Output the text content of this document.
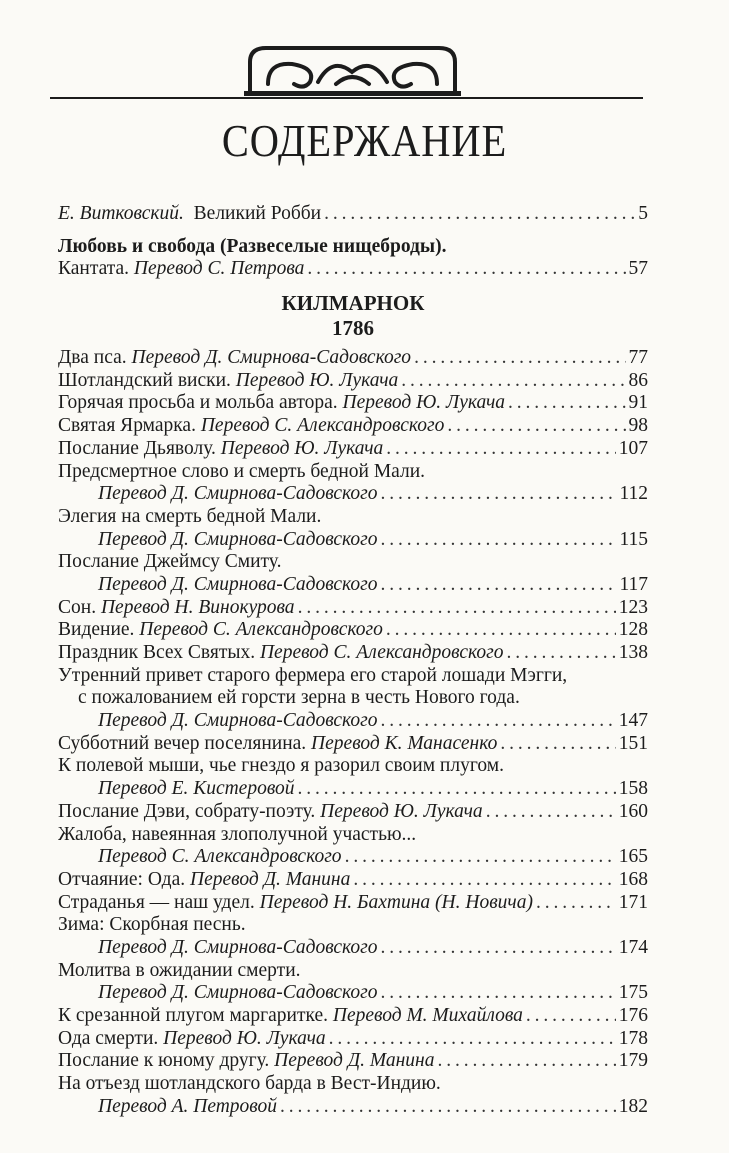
СОДЕРЖАНИЕ
Е. Витковский. Великий Робби . . .	5
Любовь и свобода (Развеселые нищеброды).
Кантата. Перевод С. Петрова . . .	57
КИЛМАРНОК
1786
Два пса. Перевод Д. Смирнова-Садовского . . .	77
Шотландский виски. Перевод Ю. Лукача . . .	86
Горячая просьба и мольба автора. Перевод Ю. Лукача . . .	91
Святая Ярмарка. Перевод С. Александровского . . .	98
Послание Дьяволу. Перевод Ю. Лукача . . .	107
Предсмертное слово и смерть бедной Мали.
Перевод Д. Смирнова-Садовского . . .	112
Элегия на смерть бедной Мали.
Перевод Д. Смирнова-Садовского . . .	115
Послание Джеймсу Смиту.
Перевод Д. Смирнова-Садовского . . .	117
Сон. Перевод Н. Винокурова . . .	123
Видение. Перевод С. Александровского . . .	128
Праздник Всех Святых. Перевод С. Александровского . . .	138
Утренний привет старого фермера его старой лошади Мэгги,
с пожалованием ей горсти зерна в честь Нового года.
Перевод Д. Смирнова-Садовского . . .	147
Субботний вечер поселянина. Перевод К. Манасенко . . .	151
К полевой мыши, чье гнездо я разорил своим плугом.
Перевод Е. Кистеровой . . .	158
Послание Дэви, собрату-поэту. Перевод Ю. Лукача . . .	160
Жалоба, навеянная злополучной участью...
Перевод С. Александровского . . .	165
Отчаяние: Ода. Перевод Д. Манина . . .	168
Страданья — наш удел. Перевод Н. Бахтина (Н. Новича) . . .	171
Зима: Скорбная песнь.
Перевод Д. Смирнова-Садовского . . .	174
Молитва в ожидании смерти.
Перевод Д. Смирнова-Садовского . . .	175
К срезанной плугом маргаритке. Перевод М. Михайлова . . .	176
Ода смерти. Перевод Ю. Лукача . . .	178
Послание к юному другу. Перевод Д. Манина . . .	179
На отъезд шотландского барда в Вест-Индию.
Перевод А. Петровой . . .	182
